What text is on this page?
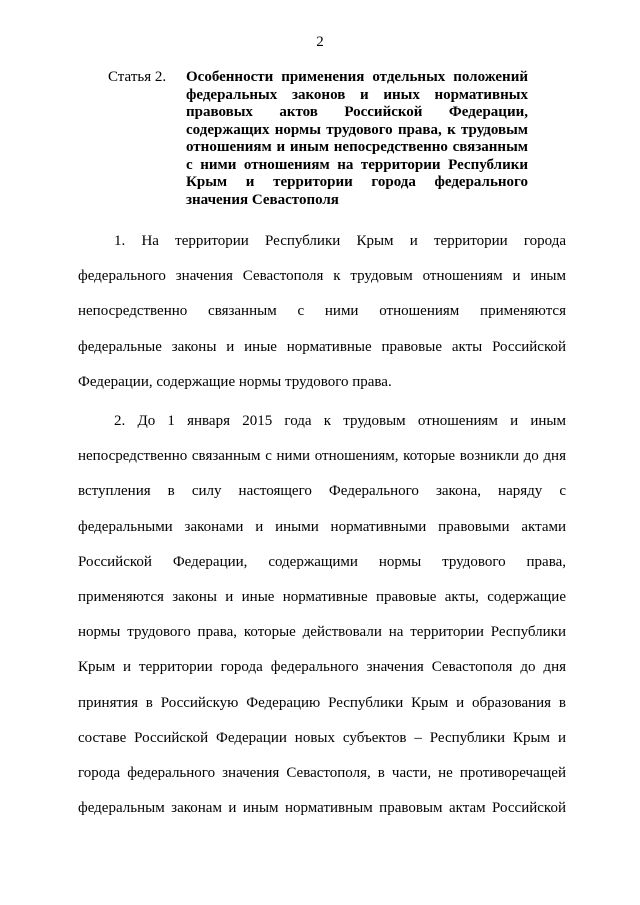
2
Статья 2. Особенности применения отдельных положений федеральных законов и иных нормативных правовых актов Российской Федерации, содержащих нормы трудового права, к трудовым отношениям и иным непосредственно связанным с ними отношениям на территории Республики Крым и территории города федерального значения Севастополя

1. На территории Республики Крым и территории города федерального значения Севастополя к трудовым отношениям и иным непосредственно связанным с ними отношениям применяются федеральные законы и иные нормативные правовые акты Российской Федерации, содержащие нормы трудового права.

2. До 1 января 2015 года к трудовым отношениям и иным непосредственно связанным с ними отношениям, которые возникли до дня вступления в силу настоящего Федерального закона, наряду с федеральными законами и иными нормативными правовыми актами Российской Федерации, содержащими нормы трудового права, применяются законы и иные нормативные правовые акты, содержащие нормы трудового права, которые действовали на территории Республики Крым и территории города федерального значения Севастополя до дня принятия в Российскую Федерацию Республики Крым и образования в составе Российской Федерации новых субъектов – Республики Крым и города федерального значения Севастополя, в части, не противоречащей федеральным законам и иным нормативным правовым актам Российской
